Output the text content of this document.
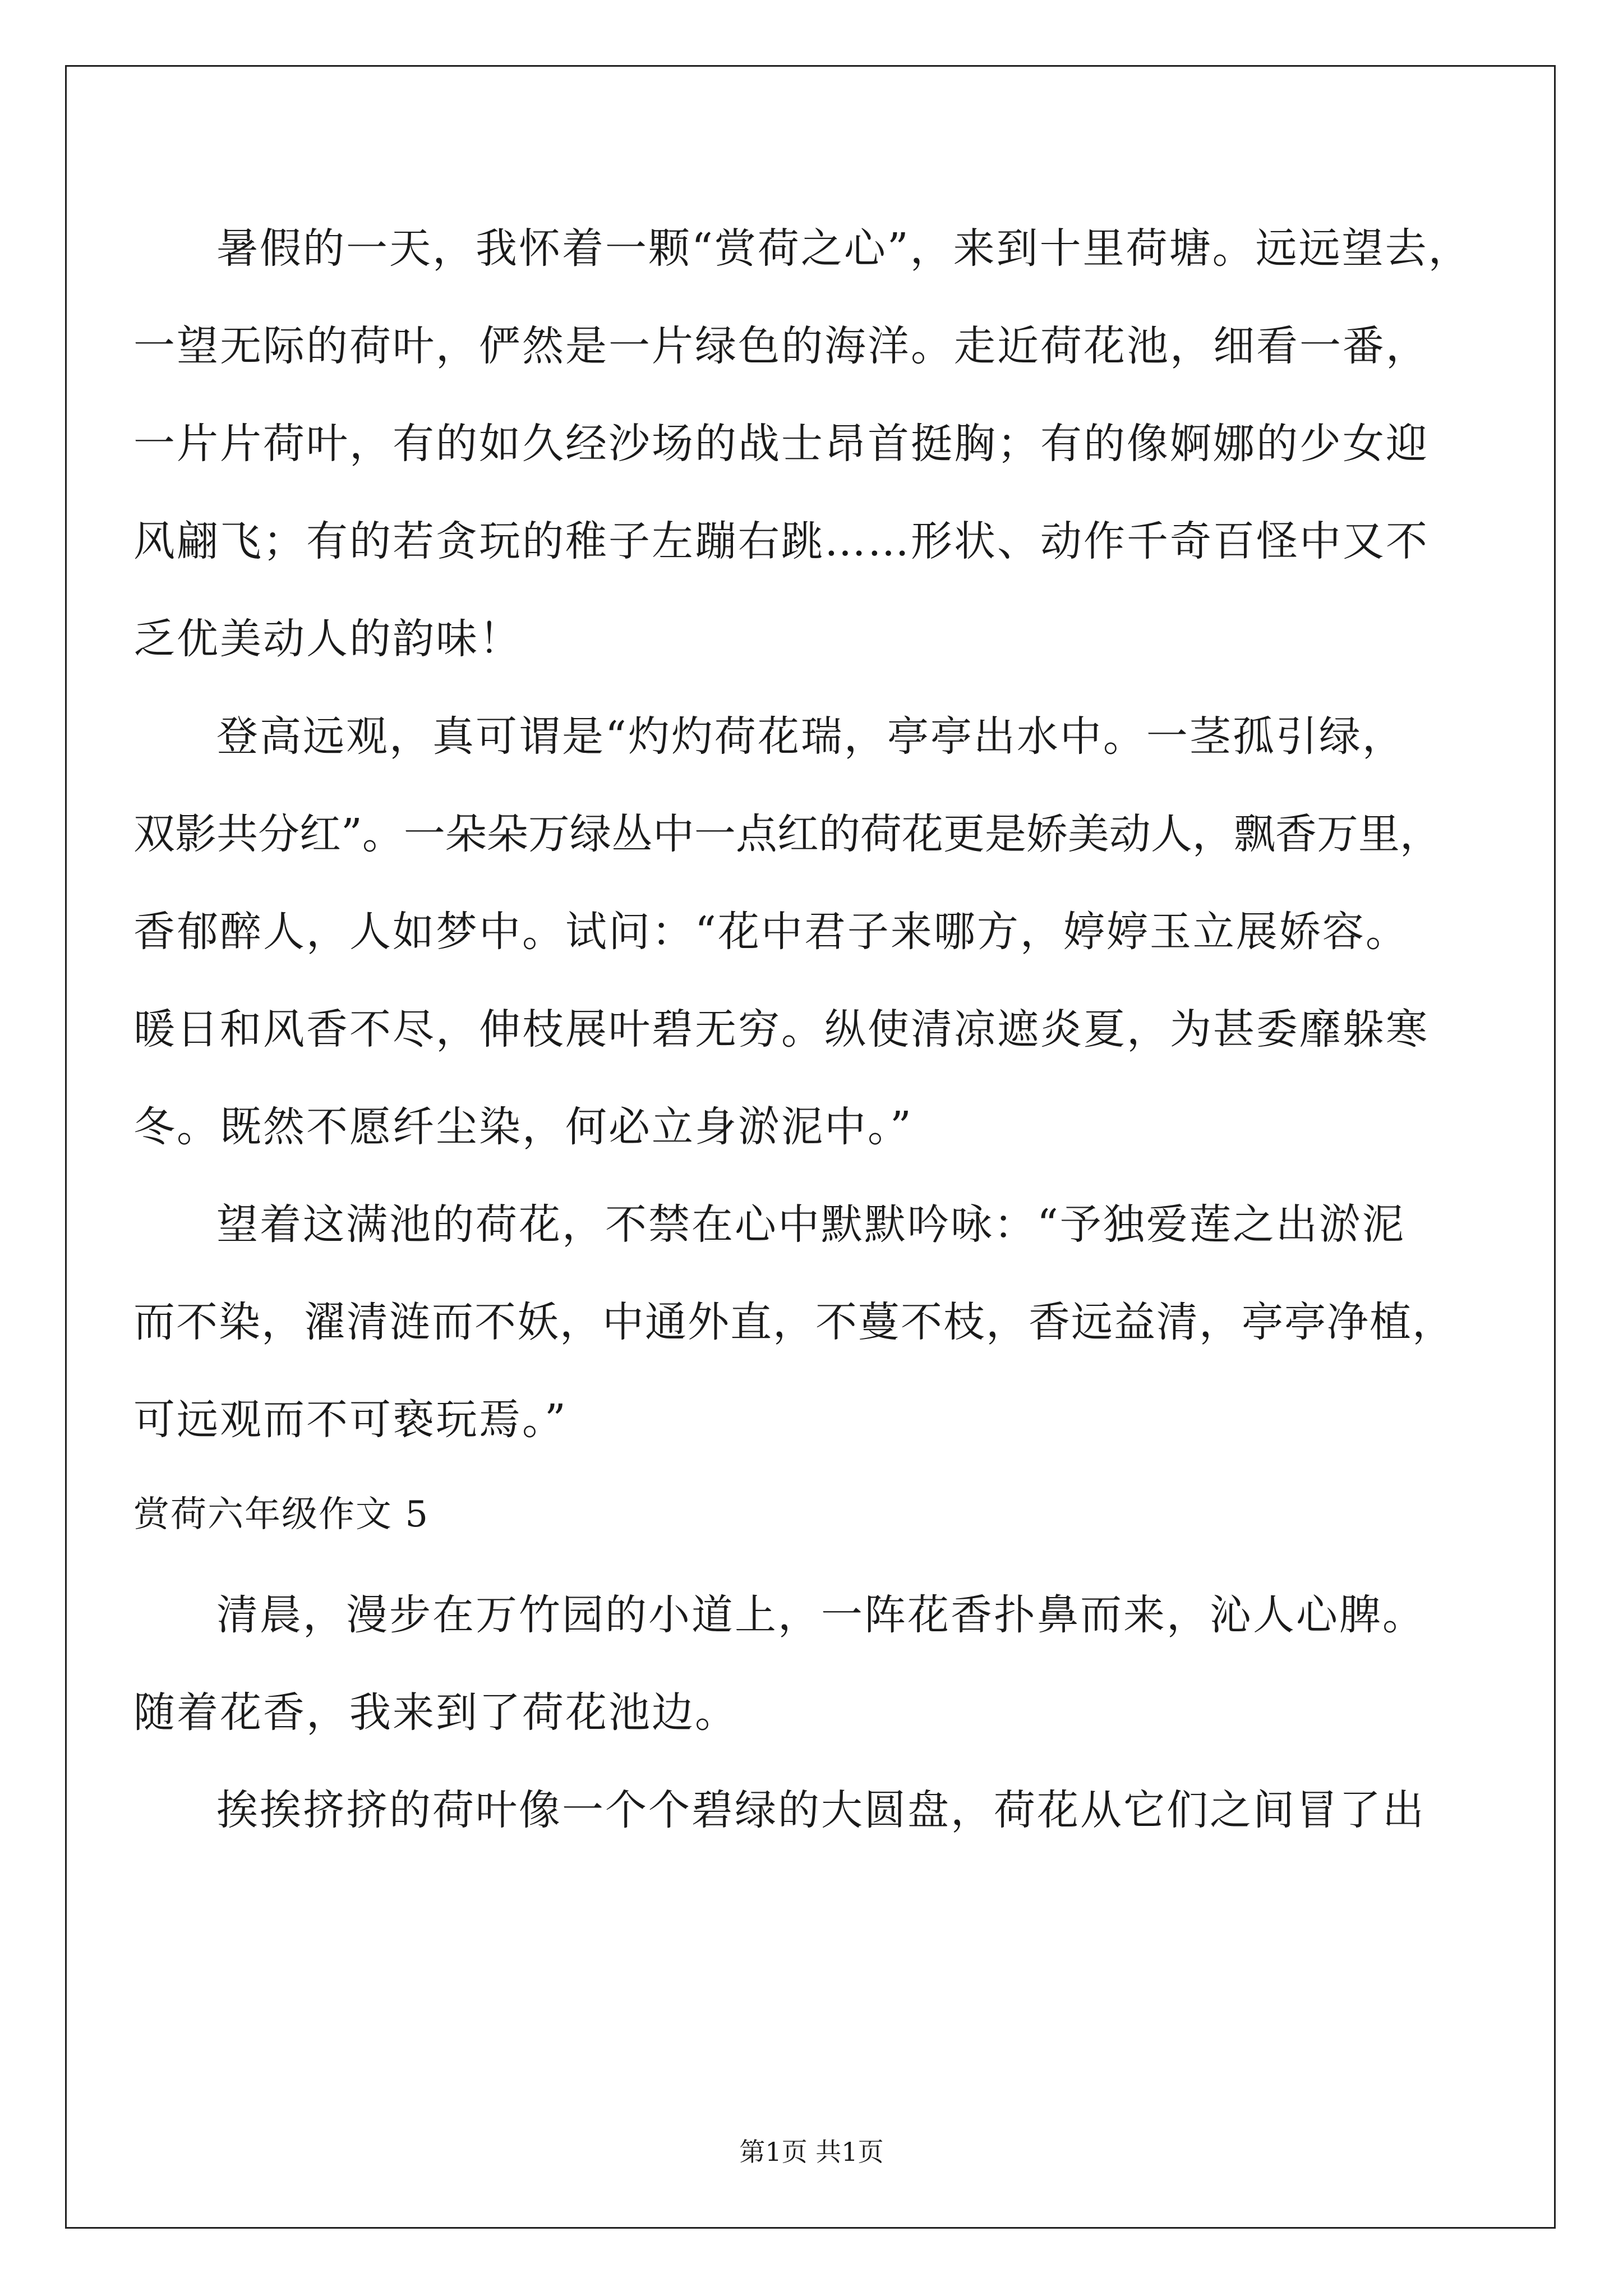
暑假的一天，我怀着一颗“赏荷之心”，来到十里荷塘。远远望去，
一望无际的荷叶，俨然是一片绿色的海洋。走近荷花池，细看一番，
一片片荷叶，有的如久经沙场的战士昂首挺胸；有的像婀娜的少女迎
风翩飞；有的若贪玩的稚子左蹦右跳……形状、动作千奇百怪中又不
乏优美动人的韵味！
登高远观，真可谓是“灼灼荷花瑞，亭亭出水中。一茎孤引绿，
双影共分红”。一朵朵万绿丛中一点红的荷花更是娇美动人，飘香万里，
香郁醉人，人如梦中。试问：“花中君子来哪方，婷婷玉立展娇容。
暖日和风香不尽，伸枝展叶碧无穷。纵使清凉遮炎夏，为甚委靡躲寒
冬。既然不愿纤尘染，何必立身淤泥中。”
望着这满池的荷花，不禁在心中默默吟咏：“予独爱莲之出淤泥
而不染，濯清涟而不妖，中通外直，不蔓不枝，香远益清，亭亭净植，
可远观而不可亵玩焉。”
赏荷六年级作文 5
清晨，漫步在万竹园的小道上，一阵花香扑鼻而来，沁人心脾。
随着花香，我来到了荷花池边。
挨挨挤挤的荷叶像一个个碧绿的大圆盘，荷花从它们之间冒了出
第1页 共1页
